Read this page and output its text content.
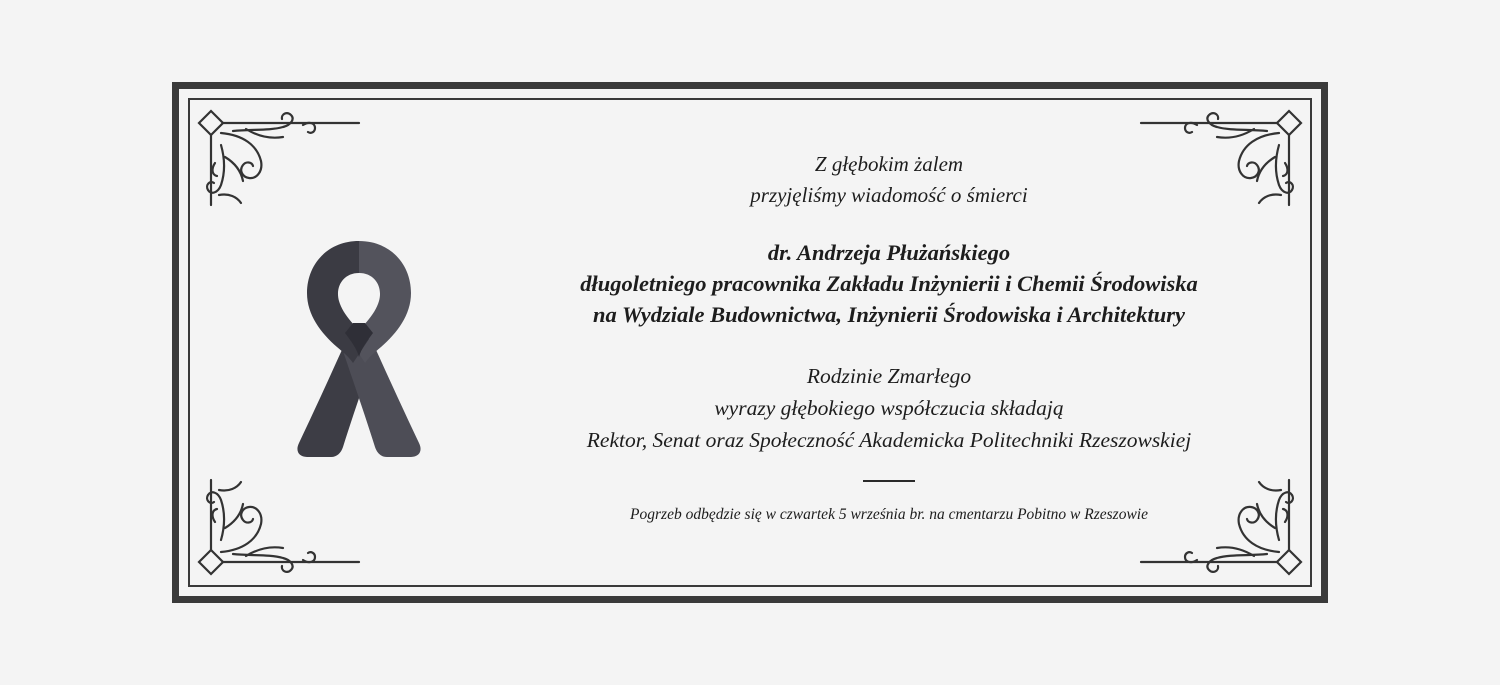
Z głębokim żalem
przyjęliśmy wiadomość o śmierci
dr. Andrzeja Płużańskiego
długoletniego pracownika Zakładu Inżynierii i Chemii Środowiska
na Wydziale Budownictwa, Inżynierii Środowiska i Architektury
Rodzinie Zmarłego
wyrazy głębokiego współczucia składają
Rektor, Senat oraz Społeczność Akademicka Politechniki Rzeszowskiej
Pogrzeb odbędzie się w czwartek 5 września br. na cmentarzu Pobitno w Rzeszowie
